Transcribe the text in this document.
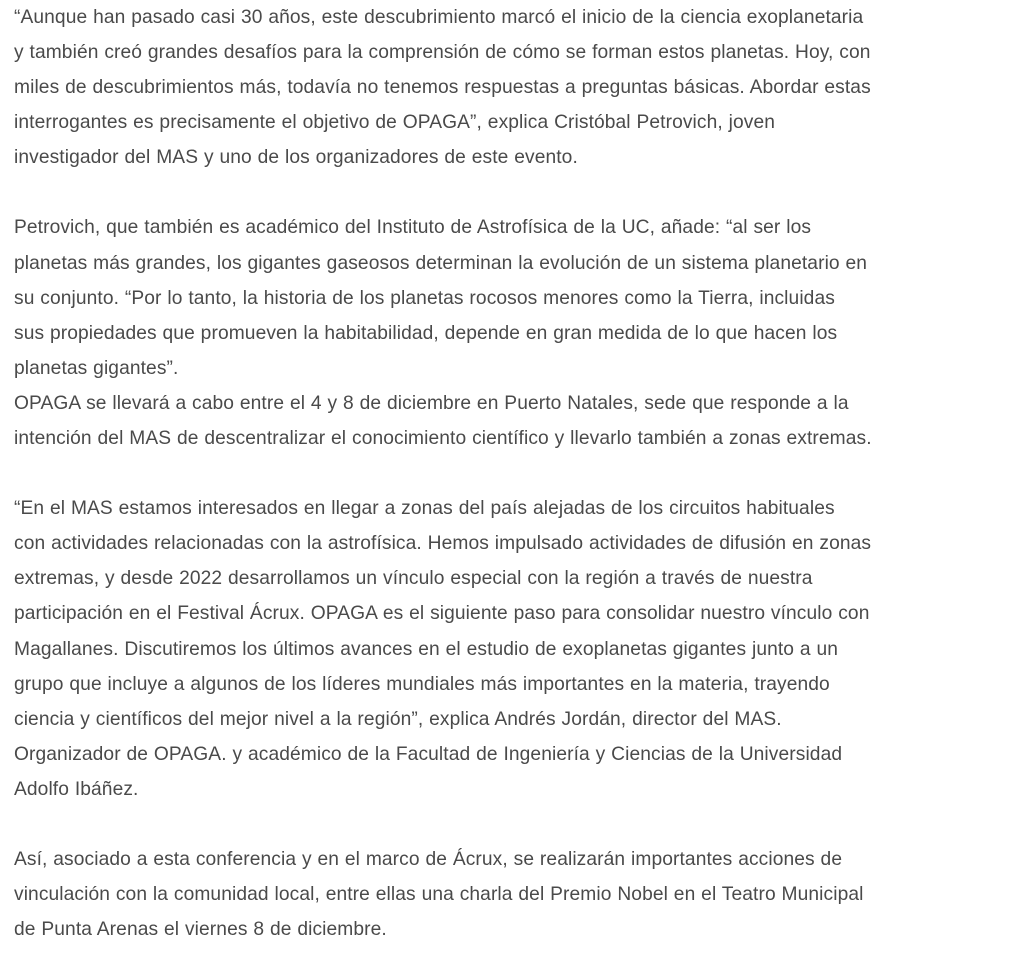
“Aunque han pasado casi 30 años, este descubrimiento marcó el inicio de la ciencia exoplanetaria
y también creó grandes desafíos para la comprensión de cómo se forman estos planetas. Hoy, con
miles de descubrimientos más, todavía no tenemos respuestas a preguntas básicas. Abordar estas
interrogantes es precisamente el objetivo de OPAGA”, explica Cristóbal Petrovich, joven
investigador del MAS y uno de los organizadores de este evento.

Petrovich, que también es académico del Instituto de Astrofísica de la UC, añade: “al ser los
planetas más grandes, los gigantes gaseosos determinan la evolución de un sistema planetario en
su conjunto. “Por lo tanto, la historia de los planetas rocosos menores como la Tierra, incluidas
sus propiedades que promueven la habitabilidad, depende en gran medida de lo que hacen los
planetas gigantes”.

OPAGA se llevará a cabo entre el 4 y 8 de diciembre en Puerto Natales, sede que responde a la
intención del MAS de descentralizar el conocimiento científico y llevarlo también a zonas extremas.

“En el MAS estamos interesados en llegar a zonas del país alejadas de los circuitos habituales
con actividades relacionadas con la astrofísica. Hemos impulsado actividades de difusión en zonas
extremas, y desde 2022 desarrollamos un vínculo especial con la región a través de nuestra
participación en el Festival Ácrux. OPAGA es el siguiente paso para consolidar nuestro vínculo con
Magallanes. Discutiremos los últimos avances en el estudio de exoplanetas gigantes junto a un
grupo que incluye a algunos de los líderes mundiales más importantes en la materia, trayendo
ciencia y científicos del mejor nivel a la región”, explica Andrés Jordán, director del MAS.
Organizador de OPAGA. y académico de la Facultad de Ingeniería y Ciencias de la Universidad
Adolfo Ibáñez.

Así, asociado a esta conferencia y en el marco de Ácrux, se realizarán importantes acciones de
vinculación con la comunidad local, entre ellas una charla del Premio Nobel en el Teatro Municipal
de Punta Arenas el viernes 8 de diciembre.
